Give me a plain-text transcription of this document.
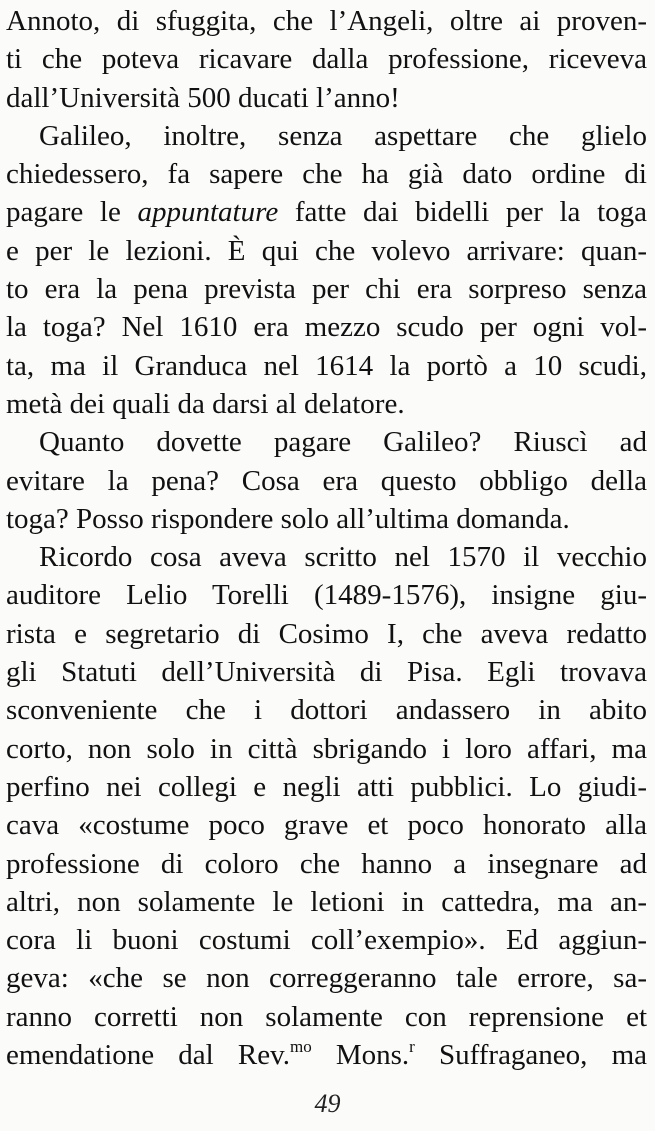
Annoto, di sfuggita, che l’Angeli, oltre ai proven-
ti che poteva ricavare dalla professione, riceveva
dall’Università 500 ducati l’anno!
Galileo, inoltre, senza aspettare che glielo
chiedessero, fa sapere che ha già dato ordine di
pagare le appuntature fatte dai bidelli per la toga
e per le lezioni. È qui che volevo arrivare: quan-
to era la pena prevista per chi era sorpreso senza
la toga? Nel 1610 era mezzo scudo per ogni vol-
ta, ma il Granduca nel 1614 la portò a 10 scudi,
metà dei quali da darsi al delatore.
Quanto dovette pagare Galileo? Riuscì ad
evitare la pena? Cosa era questo obbligo della
toga? Posso rispondere solo all’ultima domanda.
Ricordo cosa aveva scritto nel 1570 il vecchio
auditore Lelio Torelli (1489-1576), insigne giu-
rista e segretario di Cosimo I, che aveva redatto
gli Statuti dell’Università di Pisa. Egli trovava
sconveniente che i dottori andassero in abito
corto, non solo in città sbrigando i loro affari, ma
perfino nei collegi e negli atti pubblici. Lo giudi-
cava «costume poco grave et poco honorato alla
professione di coloro che hanno a insegnare ad
altri, non solamente le letioni in cattedra, ma an-
cora li buoni costumi coll’exempio». Ed aggiun-
geva: «che se non correggeranno tale errore, sa-
ranno corretti non solamente con reprensione et
emendatione dal Rev.$^{mo}$ Mons.$^r$ Suffraganeo, ma
49
